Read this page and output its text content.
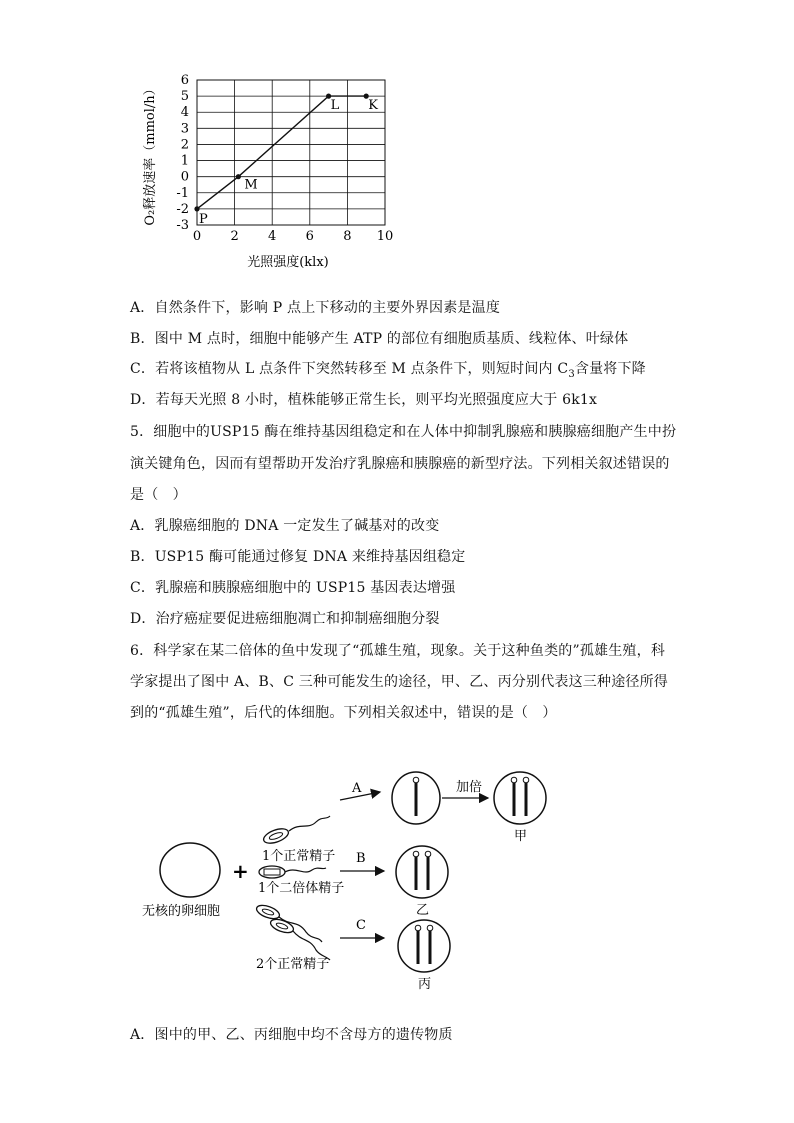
0 2 4 6 8 10
-3
-2
-1
0
1
2
3
4
5
6
P
M
L K
O₂释放速率（mmol/h）
光照强度(klx)
A．自然条件下，影响 P 点上下移动的主要外界因素是温度
B．图中 M 点时，细胞中能够产生 ATP 的部位有细胞质基质、线粒体、叶绿体
C．若将该植物从 L 点条件下突然转移至 M 点条件下，则短时间内 $C_3$含量将下降
D．若每天光照 8 小时，植株能够正常生长，则平均光照强度应大于 6k1x
5．细胞中的USP15 酶在维持基因组稳定和在人体中抑制乳腺癌和胰腺癌细胞产生中扮
演关键角色，因而有望帮助开发治疗乳腺癌和胰腺癌的新型疗法。下列相关叙述错误的
是（　）
A．乳腺癌细胞的 DNA 一定发生了碱基对的改变
B．USP15 酶可能通过修复 DNA 来维持基因组稳定
C．乳腺癌和胰腺癌细胞中的 USP15 基因表达增强
D．治疗癌症要促进癌细胞凋亡和抑制癌细胞分裂
6．科学家在某二倍体的鱼中发现了“孤雄生殖，现象。关于这种鱼类的”孤雄生殖，科
学家提出了图中 A、B、C 三种可能发生的途径，甲、乙、丙分别代表这三种途径所得
到的“孤雄生殖”，后代的体细胞。下列相关叙述中，错误的是（　）
无核的卵细胞
+
1个正常精子
1个二倍体精子
2个正常精子
A
B
C
加倍
甲
乙
丙
A．图中的甲、乙、丙细胞中均不含母方的遗传物质
